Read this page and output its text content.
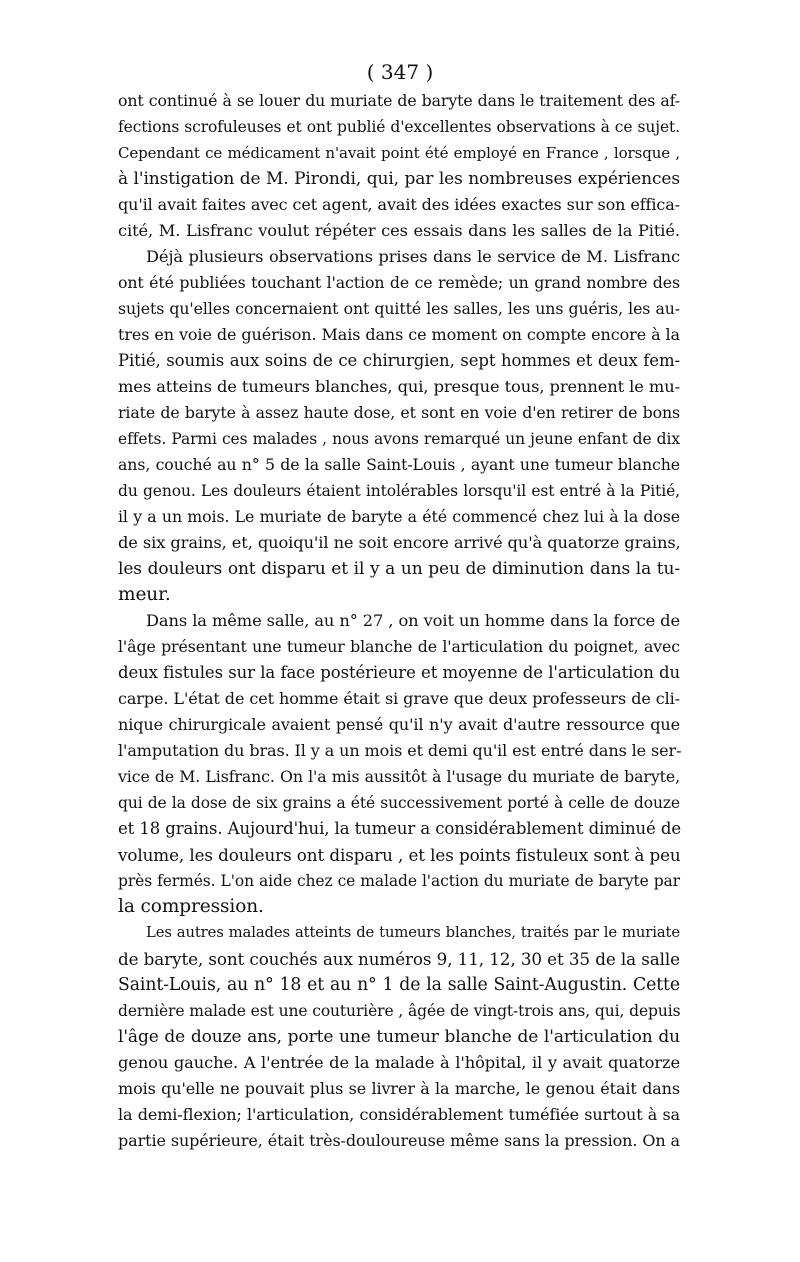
( 347 )
ont continué à se louer du muriate de baryte dans le traitement des af-
fections scrofuleuses et ont publié d'excellentes observations à ce sujet.
Cependant ce médicament n'avait point été employé en France , lorsque ,
à l'instigation de M. Pirondi, qui, par les nombreuses expériences
qu'il avait faites avec cet agent, avait des idées exactes sur son effica-
cité, M. Lisfranc voulut répéter ces essais dans les salles de la Pitié.
Déjà plusieurs observations prises dans le service de M. Lisfranc
ont été publiées touchant l'action de ce remède; un grand nombre des
sujets qu'elles concernaient ont quitté les salles, les uns guéris, les au-
tres en voie de guérison. Mais dans ce moment on compte encore à la
Pitié, soumis aux soins de ce chirurgien, sept hommes et deux fem-
mes atteins de tumeurs blanches, qui, presque tous, prennent le mu-
riate de baryte à assez haute dose, et sont en voie d'en retirer de bons
effets. Parmi ces malades , nous avons remarqué un jeune enfant de dix
ans, couché au n° 5 de la salle Saint-Louis , ayant une tumeur blanche
du genou. Les douleurs étaient intolérables lorsqu'il est entré à la Pitié,
il y a un mois. Le muriate de baryte a été commencé chez lui à la dose
de six grains, et, quoiqu'il ne soit encore arrivé qu'à quatorze grains,
les douleurs ont disparu et il y a un peu de diminution dans la tu-
meur.
Dans la même salle, au n° 27 , on voit un homme dans la force de
l'âge présentant une tumeur blanche de l'articulation du poignet, avec
deux fistules sur la face postérieure et moyenne de l'articulation du
carpe. L'état de cet homme était si grave que deux professeurs de cli-
nique chirurgicale avaient pensé qu'il n'y avait d'autre ressource que
l'amputation du bras. Il y a un mois et demi qu'il est entré dans le ser-
vice de M. Lisfranc. On l'a mis aussitôt à l'usage du muriate de baryte,
qui de la dose de six grains a été successivement porté à celle de douze
et 18 grains. Aujourd'hui, la tumeur a considérablement diminué de
volume, les douleurs ont disparu , et les points fistuleux sont à peu
près fermés. L'on aide chez ce malade l'action du muriate de baryte par
la compression.
Les autres malades atteints de tumeurs blanches, traités par le muriate
de baryte, sont couchés aux numéros 9, 11, 12, 30 et 35 de la salle
Saint-Louis, au n° 18 et au n° 1 de la salle Saint-Augustin. Cette
dernière malade est une couturière , âgée de vingt-trois ans, qui, depuis
l'âge de douze ans, porte une tumeur blanche de l'articulation du
genou gauche. A l'entrée de la malade à l'hôpital, il y avait quatorze
mois qu'elle ne pouvait plus se livrer à la marche, le genou était dans
la demi-flexion; l'articulation, considérablement tuméfiée surtout à sa
partie supérieure, était très-douloureuse même sans la pression. On a
